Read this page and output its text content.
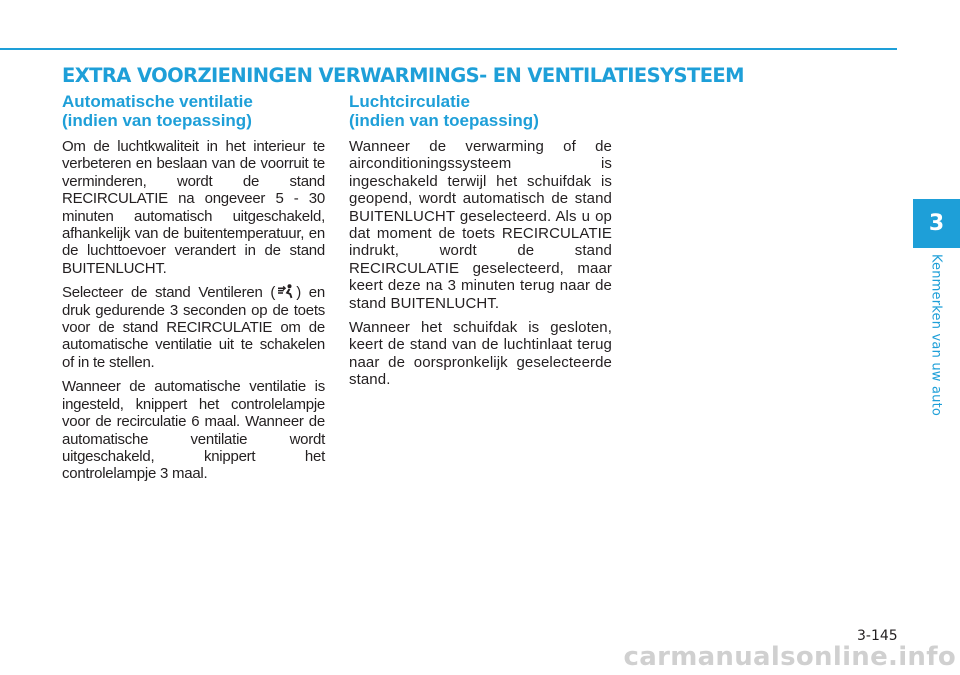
EXTRA VOORZIENINGEN VERWARMINGS- EN VENTILATIESYSTEEM
Automatische ventilatie
(indien van toepassing)

Om de luchtkwaliteit in het interieur te verbeteren en beslaan van de voorruit te verminderen, wordt de stand RECIRCULATIE na ongeveer 5 - 30 minuten automatisch uitgeschakeld, afhankelijk van de buitentemperatuur, en de luchttoevoer verandert in de stand BUITENLUCHT.

Selecteer de stand Ventileren ( ) en druk gedurende 3 seconden op de toets voor de stand RECIRCULATIE om de automatische ventilatie uit te schakelen of in te stellen.

Wanneer de automatische ventilatie is ingesteld, knippert het controlelampje voor de recirculatie 6 maal. Wanneer de automatische ventilatie wordt uitgeschakeld, knippert het controlelampje 3 maal.

Luchtcirculatie
(indien van toepassing)

Wanneer de verwarming of de airconditioningssysteem is ingeschakeld terwijl het schuifdak is geopend, wordt automatisch de stand BUITENLUCHT geselecteerd. Als u op dat moment de toets RECIRCULATIE indrukt, wordt de stand RECIRCULATIE geselecteerd, maar keert deze na 3 minuten terug naar de stand BUITENLUCHT.

Wanneer het schuifdak is gesloten, keert de stand van de luchtinlaat terug naar de oorspronkelijk geselecteerde stand.

3
Kenmerken van uw auto
3-145
carmanualsonline.info
